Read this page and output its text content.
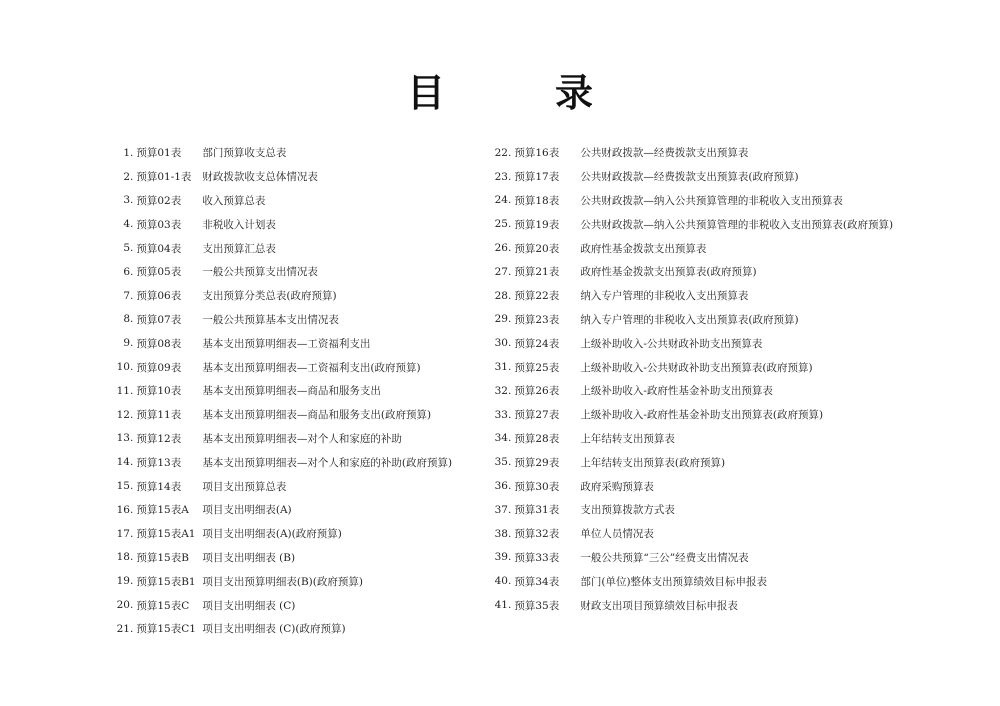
目　录
1 . 预算01表	部门预算收支总表
2 . 预算01-1表	财政拨款收支总体情况表
3 . 预算02表	收入预算总表
4 . 预算03表	非税收入计划表
5 . 预算04表	支出预算汇总表
6 . 预算05表	一般公共预算支出情况表
7 . 预算06表	支出预算分类总表(政府预算)
8 . 预算07表	一般公共预算基本支出情况表
9 . 预算08表	基本支出预算明细表—工资福利支出
10 . 预算09表	基本支出预算明细表—工资福利支出(政府预算)
11 . 预算10表	基本支出预算明细表—商品和服务支出
12 . 预算11表	基本支出预算明细表—商品和服务支出(政府预算)
13 . 预算12表	基本支出预算明细表—对个人和家庭的补助
14 . 预算13表	基本支出预算明细表—对个人和家庭的补助(政府预算)
15 . 预算14表	项目支出预算总表
16 . 预算15表A	项目支出明细表(A)
17 . 预算15表A1 项目支出明细表(A)(政府预算)
18 . 预算15表B	项目支出明细表 (B)
19 . 预算15表B1 项目支出预算明细表(B)(政府预算)
20 . 预算15表C	项目支出明细表 (C)
21 . 预算15表C1 项目支出明细表 (C)(政府预算)
22 . 预算16表	公共财政拨款—经费拨款支出预算表
23 . 预算17表	公共财政拨款—经费拨款支出预算表(政府预算)
24 . 预算18表	公共财政拨款—纳入公共预算管理的非税收入支出预算表
25 . 预算19表	公共财政拨款—纳入公共预算管理的非税收入支出预算表(政府预算)
26 . 预算20表	政府性基金拨款支出预算表
27 . 预算21表	政府性基金拨款支出预算表(政府预算)
28 . 预算22表	纳入专户管理的非税收入支出预算表
29 . 预算23表	纳入专户管理的非税收入支出预算表(政府预算)
30 . 预算24表	上级补助收入-公共财政补助支出预算表
31 . 预算25表	上级补助收入-公共财政补助支出预算表(政府预算)
32 . 预算26表	上级补助收入-政府性基金补助支出预算表
33 . 预算27表	上级补助收入-政府性基金补助支出预算表(政府预算)
34 . 预算28表	上年结转支出预算表
35 . 预算29表	上年结转支出预算表(政府预算)
36 . 预算30表	政府采购预算表
37 . 预算31表	支出预算拨款方式表
38 . 预算32表	单位人员情况表
39 . 预算33表	一般公共预算“三公”经费支出情况表
40 . 预算34表	部门(单位)整体支出预算绩效目标申报表
41 . 预算35表	财政支出项目预算绩效目标申报表
